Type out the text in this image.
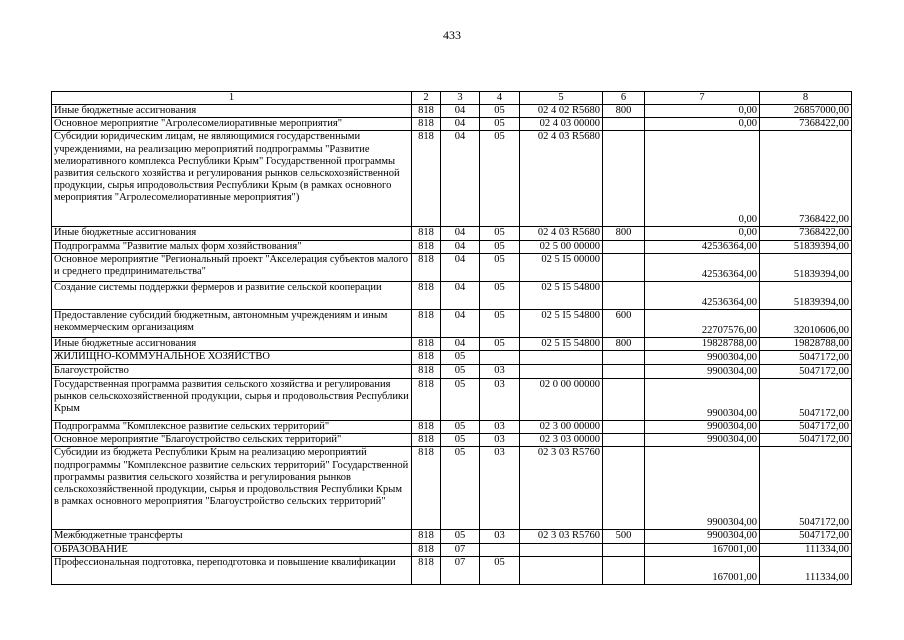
433
1	2	3	4	5	6	7	8
Иные бюджетные ассигнования	818	04	05	02 4 02 R5680	800	0,00	26857000,00
Основное мероприятие "Агролесомелиоративные мероприятия"	818	04	05	02 4 03 00000		0,00	7368422,00
Субсидии юридическим лицам, не являющимися государственными учреждениями, на реализацию мероприятий подпрограммы "Развитие мелиоративного комплекса Республики Крым" Государственной программы развития сельского хозяйства и регулирования рынков сельскохозяйственной продукции, сырья ипродовольствия Республики Крым (в рамках основного мероприятия "Агролесомелиоративные мероприятия")	818	04	05	02 4 03 R5680		0,00	7368422,00
Иные бюджетные ассигнования	818	04	05	02 4 03 R5680	800	0,00	7368422,00
Подпрограмма "Развитие малых форм хозяйствования"	818	04	05	02 5 00 00000		42536364,00	51839394,00
Основное мероприятие "Региональный проект "Акселерация субъектов малого и среднего предпринимательства"	818	04	05	02 5 I5 00000		42536364,00	51839394,00
Создание системы поддержки фермеров и развитие сельской кооперации	818	04	05	02 5 I5 54800		42536364,00	51839394,00
Предоставление субсидий бюджетным, автономным учреждениям и иным некоммерческим организациям	818	04	05	02 5 I5 54800	600	22707576,00	32010606,00
Иные бюджетные ассигнования	818	04	05	02 5 I5 54800	800	19828788,00	19828788,00
ЖИЛИЩНО-КОММУНАЛЬНОЕ ХОЗЯЙСТВО	818	05				9900304,00	5047172,00
Благоустройство	818	05	03			9900304,00	5047172,00
Государственная программа развития сельского хозяйства и регулирования рынков сельскохозяйственной продукции, сырья и продовольствия Республики Крым	818	05	03	02 0 00 00000		9900304,00	5047172,00
Подпрограмма "Комплексное развитие сельских территорий"	818	05	03	02 3 00 00000		9900304,00	5047172,00
Основное мероприятие "Благоустройство сельских территорий"	818	05	03	02 3 03 00000		9900304,00	5047172,00
Субсидии из бюджета Республики Крым на реализацию мероприятий подпрограммы "Комплексное развитие сельских территорий" Государственной программы развития сельского хозяйства и регулирования рынков сельскохозяйственной продукции, сырья и продовольствия Республики Крым в рамках основного мероприятия "Благоустройство сельских территорий"	818	05	03	02 3 03 R5760		9900304,00	5047172,00
Межбюджетные трансферты	818	05	03	02 3 03 R5760	500	9900304,00	5047172,00
ОБРАЗОВАНИЕ	818	07				167001,00	111334,00
Профессиональная подготовка, переподготовка и повышение квалификации	818	07	05			167001,00	111334,00
